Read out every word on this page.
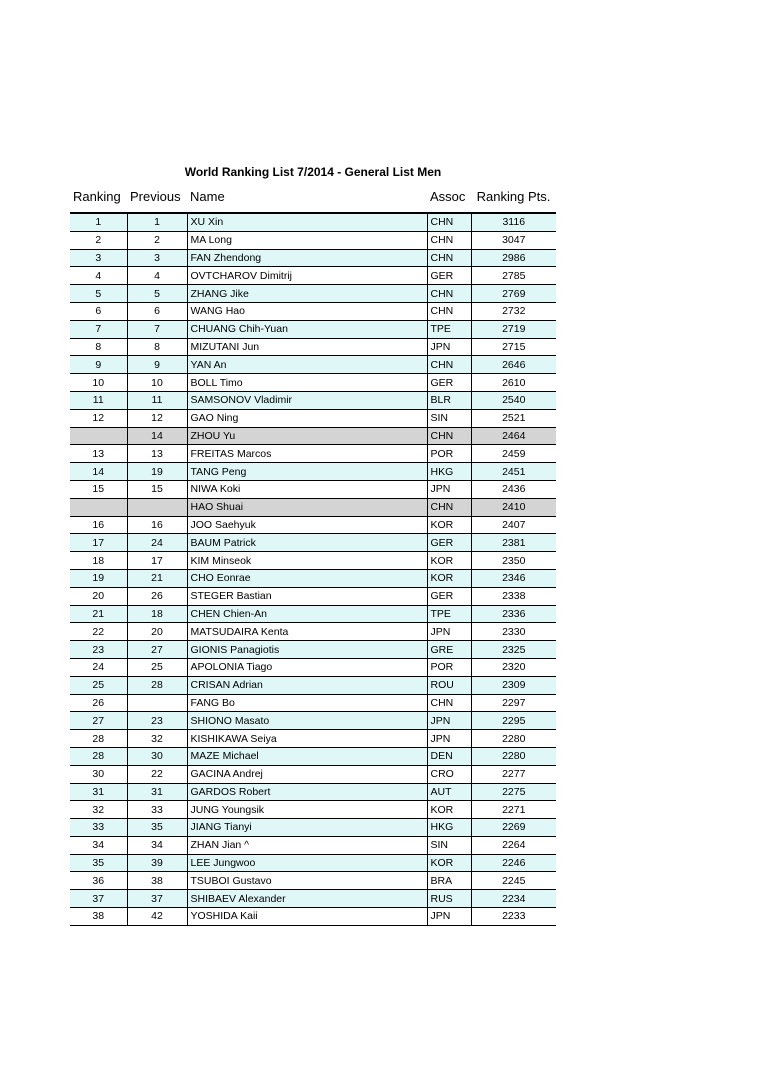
World Ranking List 7/2014 - General List Men
Ranking	Previous	Name	Assoc	Ranking Pts.
1	1	XU Xin	CHN	3116
2	2	MA Long	CHN	3047
3	3	FAN Zhendong	CHN	2986
4	4	OVTCHAROV Dimitrij	GER	2785
5	5	ZHANG Jike	CHN	2769
6	6	WANG Hao	CHN	2732
7	7	CHUANG Chih-Yuan	TPE	2719
8	8	MIZUTANI Jun	JPN	2715
9	9	YAN An	CHN	2646
10	10	BOLL Timo	GER	2610
11	11	SAMSONOV Vladimir	BLR	2540
12	12	GAO Ning	SIN	2521
	14	ZHOU Yu	CHN	2464
13	13	FREITAS Marcos	POR	2459
14	19	TANG Peng	HKG	2451
15	15	NIWA Koki	JPN	2436
		HAO Shuai	CHN	2410
16	16	JOO Saehyuk	KOR	2407
17	24	BAUM Patrick	GER	2381
18	17	KIM Minseok	KOR	2350
19	21	CHO Eonrae	KOR	2346
20	26	STEGER Bastian	GER	2338
21	18	CHEN Chien-An	TPE	2336
22	20	MATSUDAIRA Kenta	JPN	2330
23	27	GIONIS Panagiotis	GRE	2325
24	25	APOLONIA Tiago	POR	2320
25	28	CRISAN Adrian	ROU	2309
26		FANG Bo	CHN	2297
27	23	SHIONO Masato	JPN	2295
28	32	KISHIKAWA Seiya	JPN	2280
28	30	MAZE Michael	DEN	2280
30	22	GACINA Andrej	CRO	2277
31	31	GARDOS Robert	AUT	2275
32	33	JUNG Youngsik	KOR	2271
33	35	JIANG Tianyi	HKG	2269
34	34	ZHAN Jian ^	SIN	2264
35	39	LEE Jungwoo	KOR	2246
36	38	TSUBOI Gustavo	BRA	2245
37	37	SHIBAEV Alexander	RUS	2234
38	42	YOSHIDA Kaii	JPN	2233
